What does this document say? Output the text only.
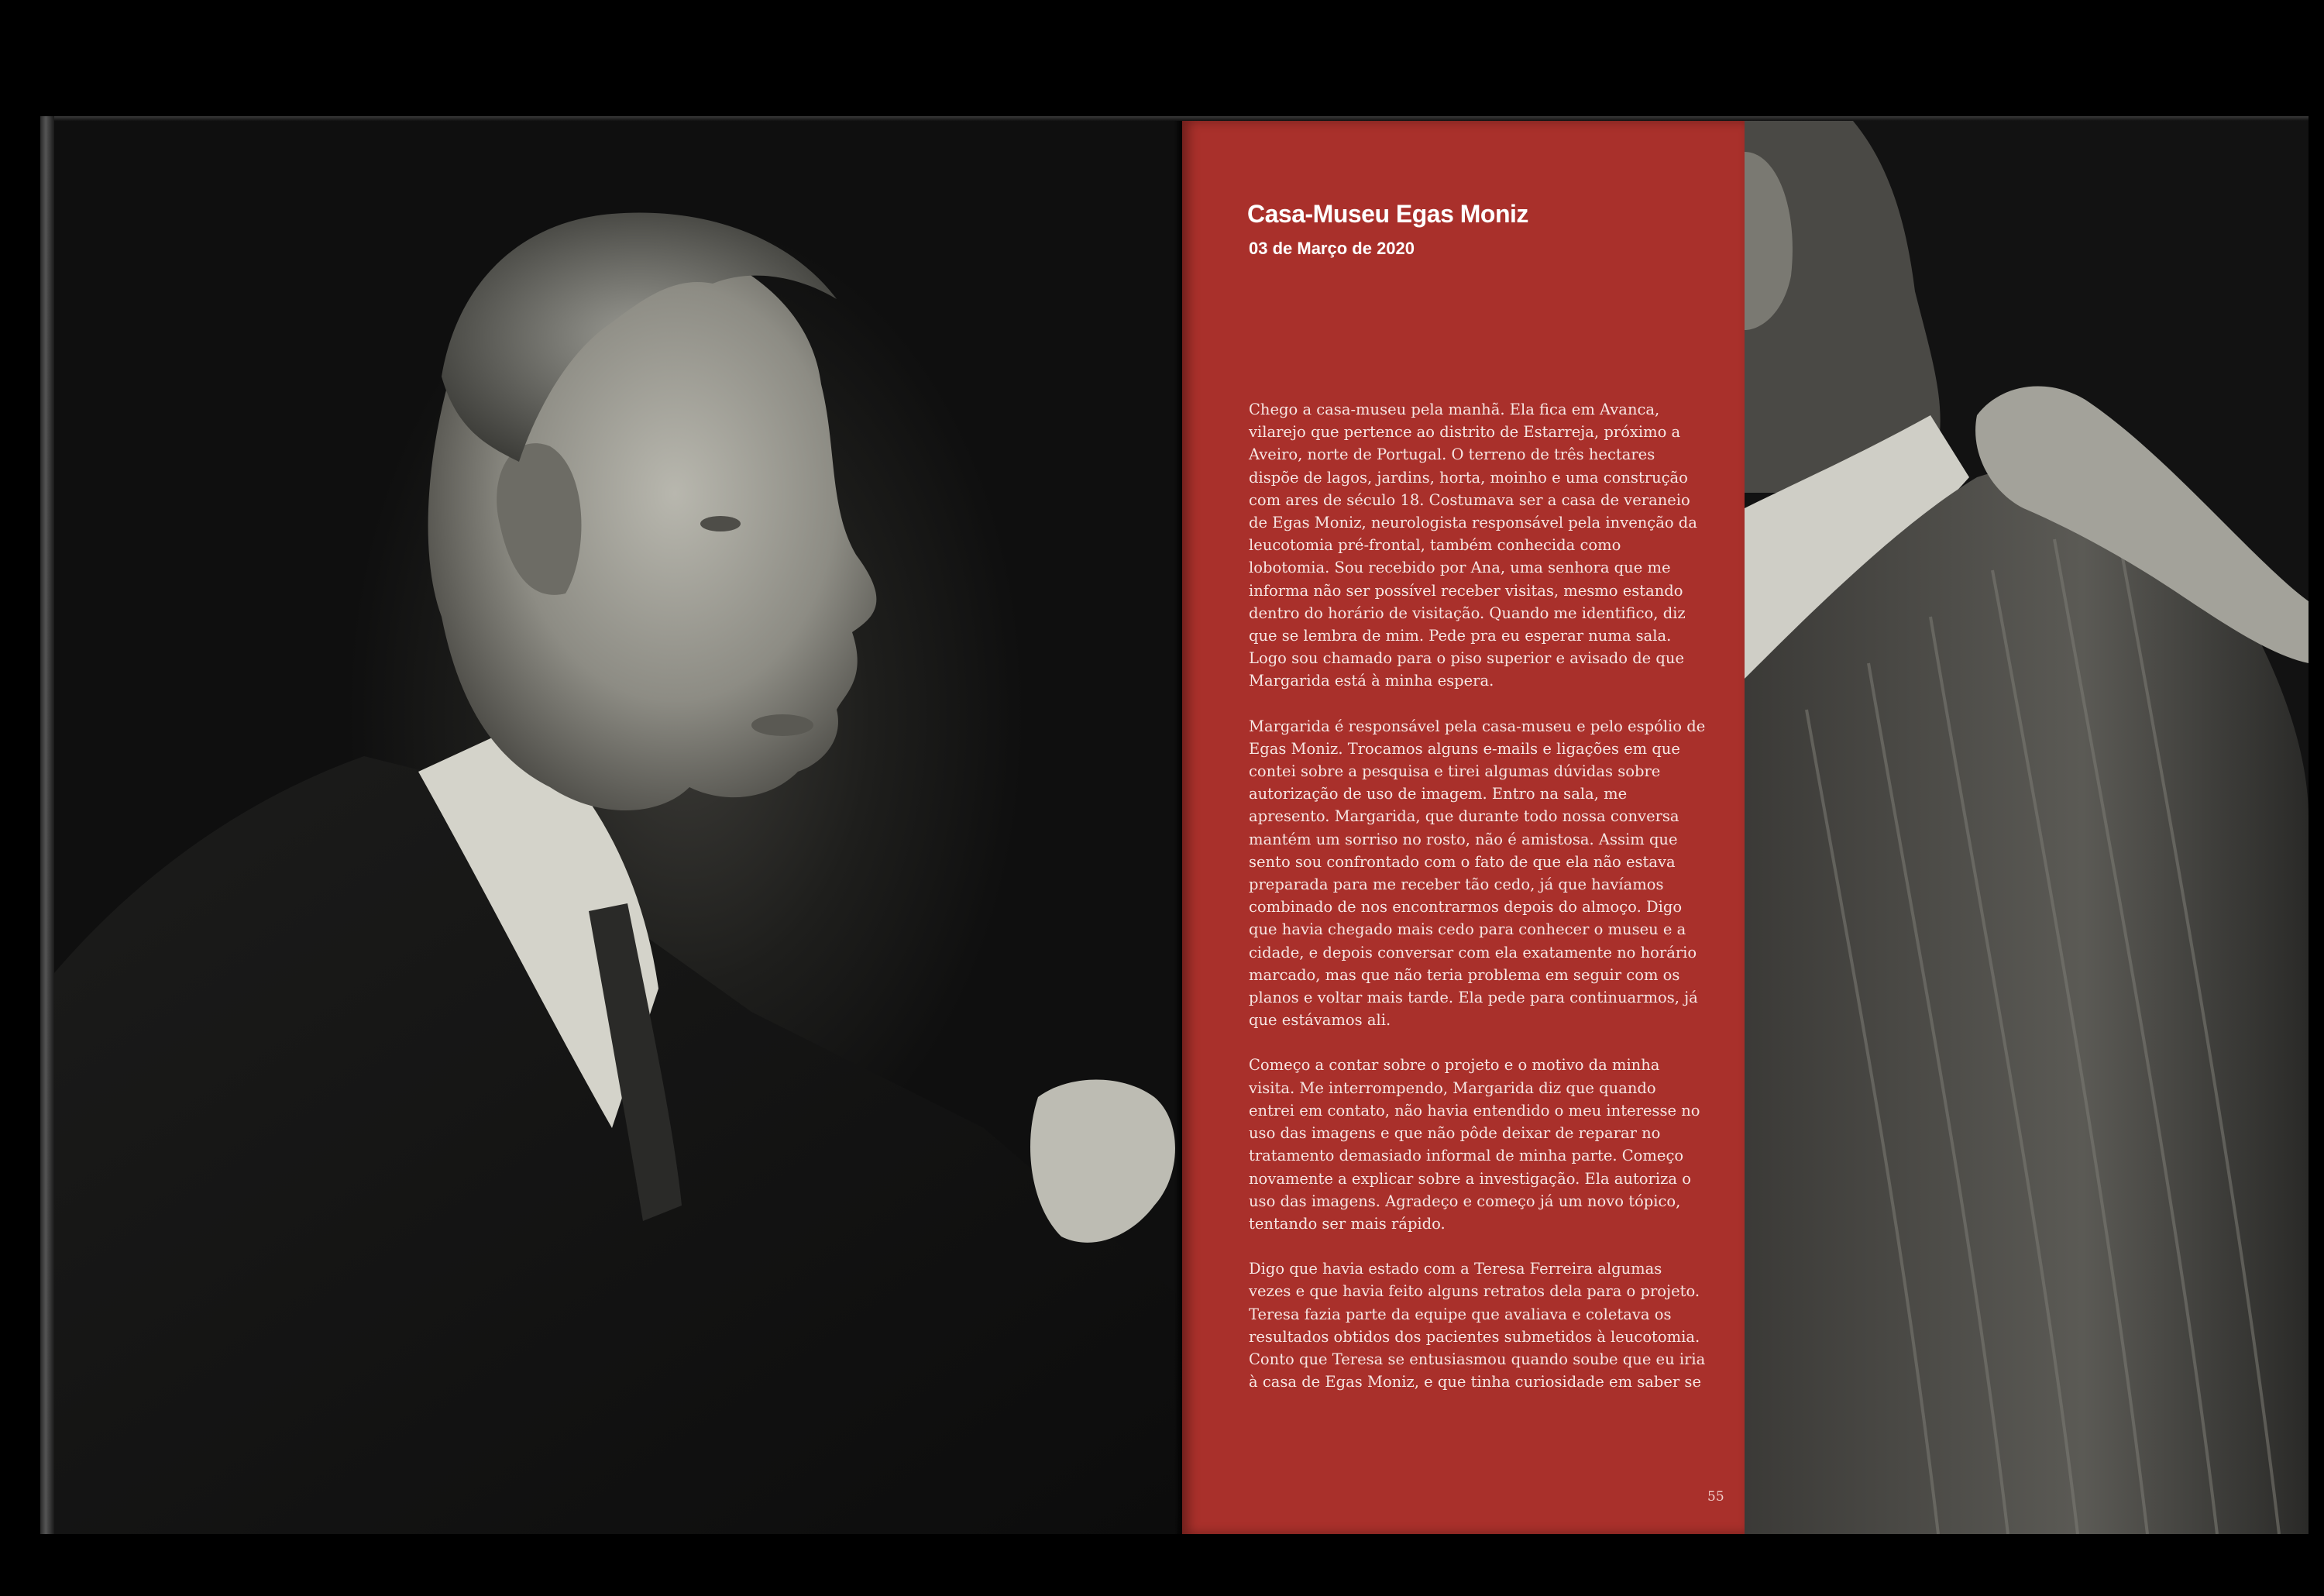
Casa-Museu Egas Moniz
03 de Março de 2020

Chego a casa-museu pela manhã. Ela fica em Avanca, vilarejo que pertence ao distrito de Estarreja, próximo a Aveiro, norte de Portugal. O terreno de três hectares dispõe de lagos, jardins, horta, moinho e uma construção com ares de século 18. Costumava ser a casa de veraneio de Egas Moniz, neurologista responsável pela invenção da leucotomia pré-frontal, também conhecida como lobotomia. Sou recebido por Ana, uma senhora que me informa não ser possível receber visitas, mesmo estando dentro do horário de visitação. Quando me identifico, diz que se lembra de mim. Pede pra eu esperar numa sala. Logo sou chamado para o piso superior e avisado de que Margarida está à minha espera.

Margarida é responsável pela casa-museu e pelo espólio de Egas Moniz. Trocamos alguns e-mails e ligações em que contei sobre a pesquisa e tirei algumas dúvidas sobre autorização de uso de imagem. Entro na sala, me apresento. Margarida, que durante todo nossa conversa mantém um sorriso no rosto, não é amistosa. Assim que sento sou confrontado com o fato de que ela não estava preparada para me receber tão cedo, já que havíamos combinado de nos encontrarmos depois do almoço. Digo que havia chegado mais cedo para conhecer o museu e a cidade, e depois conversar com ela exatamente no horário marcado, mas que não teria problema em seguir com os planos e voltar mais tarde. Ela pede para continuarmos, já que estávamos ali.

Começo a contar sobre o projeto e o motivo da minha visita. Me interrompendo, Margarida diz que quando entrei em contato, não havia entendido o meu interesse no uso das imagens e que não pôde deixar de reparar no tratamento demasiado informal de minha parte. Começo novamente a explicar sobre a investigação. Ela autoriza o uso das imagens. Agradeço e começo já um novo tópico, tentando ser mais rápido.

Digo que havia estado com a Teresa Ferreira algumas vezes e que havia feito alguns retratos dela para o projeto. Teresa fazia parte da equipe que avaliava e coletava os resultados obtidos dos pacientes submetidos à leucotomia. Conto que Teresa se entusiasmou quando soube que eu iria à casa de Egas Moniz, e que tinha curiosidade em saber se

55
